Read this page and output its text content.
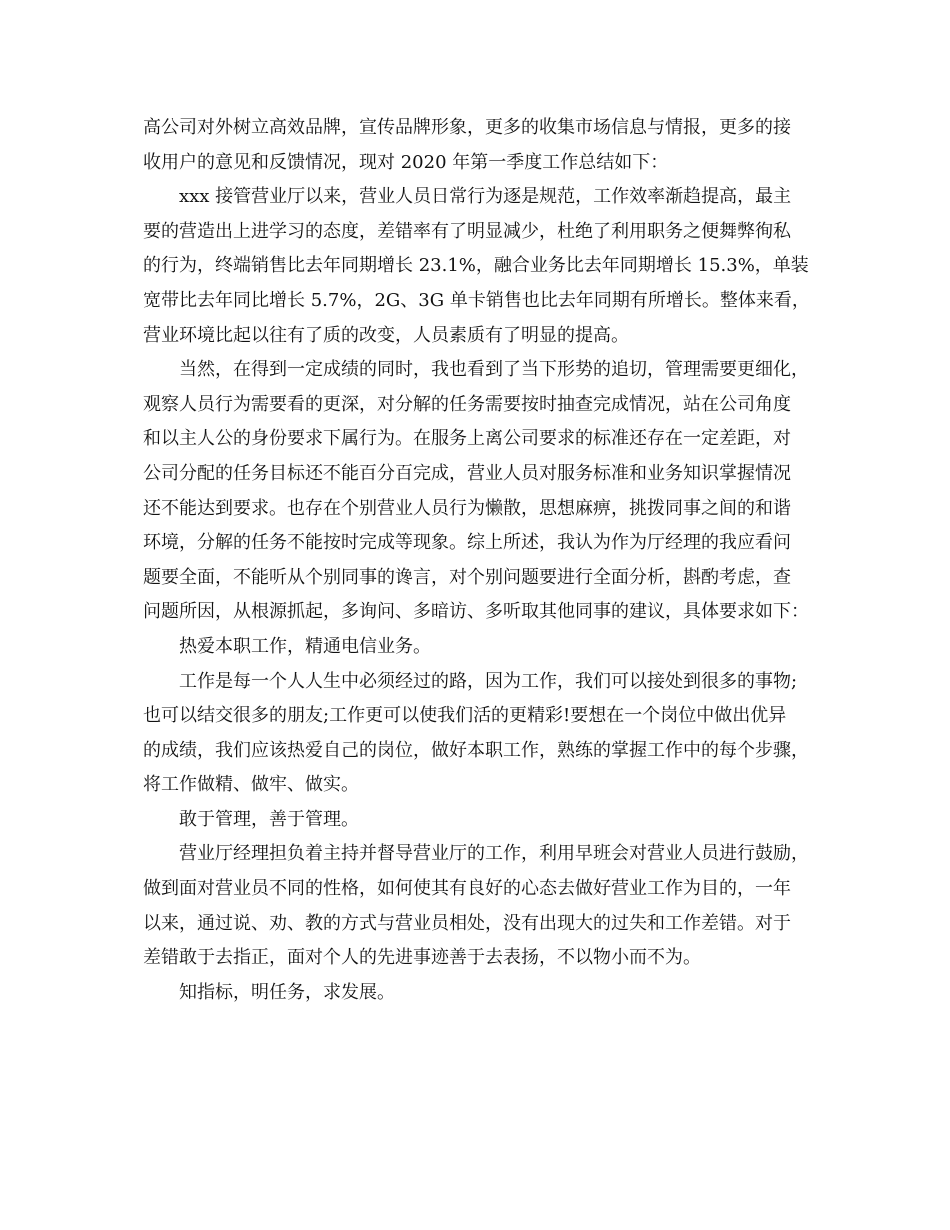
高公司对外树立高效品牌，宣传品牌形象，更多的收集市场信息与情报，更多的接
收用户的意见和反馈情况，现对 2020 年第一季度工作总结如下：
xxx 接管营业厅以来，营业人员日常行为逐是规范，工作效率渐趋提高，最主
要的营造出上进学习的态度，差错率有了明显减少，杜绝了利用职务之便舞弊徇私
的行为，终端销售比去年同期增长 23.1%，融合业务比去年同期增长 15.3%，单装
宽带比去年同比增长 5.7%，2G、3G 单卡销售也比去年同期有所增长。整体来看，
营业环境比起以往有了质的改变，人员素质有了明显的提高。
当然，在得到一定成绩的同时，我也看到了当下形势的追切，管理需要更细化，
观察人员行为需要看的更深，对分解的任务需要按时抽查完成情况，站在公司角度
和以主人公的身份要求下属行为。在服务上离公司要求的标准还存在一定差距，对
公司分配的任务目标还不能百分百完成，营业人员对服务标准和业务知识掌握情况
还不能达到要求。也存在个别营业人员行为懒散，思想麻痹，挑拨同事之间的和谐
环境，分解的任务不能按时完成等现象。综上所述，我认为作为厅经理的我应看问
题要全面，不能听从个别同事的谗言，对个别问题要进行全面分析，斟酌考虑，查
问题所因，从根源抓起，多询问、多暗访、多听取其他同事的建议，具体要求如下：
热爱本职工作，精通电信业务。
工作是每一个人人生中必须经过的路，因为工作，我们可以接处到很多的事物;
也可以结交很多的朋友;工作更可以使我们活的更精彩!要想在一个岗位中做出优异
的成绩，我们应该热爱自己的岗位，做好本职工作，熟练的掌握工作中的每个步骤，
将工作做精、做牢、做实。
敢于管理，善于管理。
营业厅经理担负着主持并督导营业厅的工作，利用早班会对营业人员进行鼓励，
做到面对营业员不同的性格，如何使其有良好的心态去做好营业工作为目的，一年
以来，通过说、劝、教的方式与营业员相处，没有出现大的过失和工作差错。对于
差错敢于去指正，面对个人的先进事迹善于去表扬，不以物小而不为。
知指标，明任务，求发展。
